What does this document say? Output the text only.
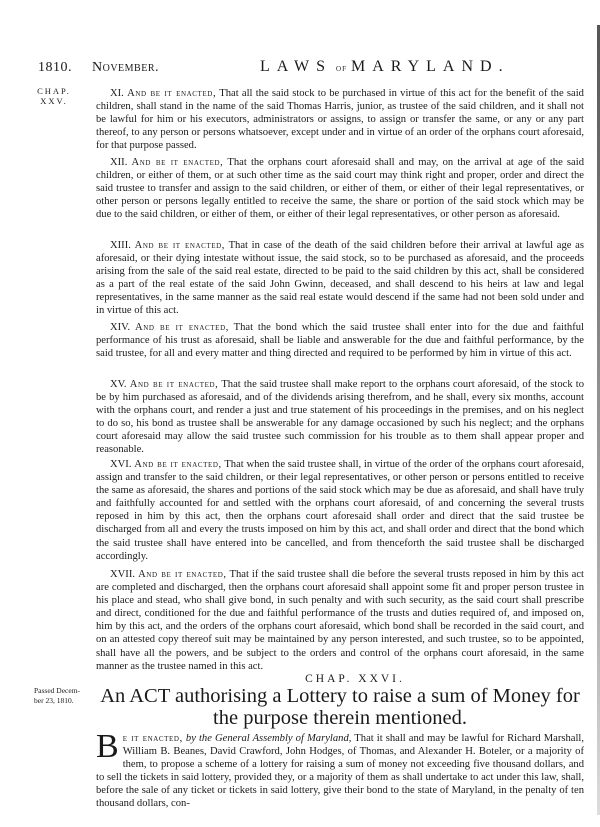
1810. November.	LAWS of MARYLAND.
CHAP.
XXV.

XI. And be it enacted, That all the said stock to be purchased in virtue of this act for the benefit of the said children, shall stand in the name of the said Thomas Harris, junior, as trustee of the said children, and it shall not be lawful for him or his executors, administrators or assigns, to assign or transfer the same, or any or any part thereof, to any person or persons whatsoever, except under and in virtue of an order of the orphans court aforesaid, for that purpose passed.

XII. And be it enacted, That the orphans court aforesaid shall and may, on the arrival at age of the said children, or either of them, or at such other time as the said court may think right and proper, order and direct the said trustee to transfer and assign to the said children, or either of them, or either of their legal representatives, or other person or persons legally entitled to receive the same, the share or portion of the said stock which may be due to the said children, or either of them, or either of their legal representatives, or other person as aforesaid.

XIII. And be it enacted, That in case of the death of the said children before their arrival at lawful age as aforesaid, or their dying intestate without issue, the said stock, so to be purchased as aforesaid, and the proceeds arising from the sale of the said real estate, directed to be paid to the said children by this act, shall be considered as a part of the real estate of the said John Gwinn, deceased, and shall descend to his heirs at law and legal representatives, in the same manner as the said real estate would descend if the same had not been sold under and in virtue of this act.

XIV. And be it enacted, That the bond which the said trustee shall enter into for the due and faithful performance of his trust as aforesaid, shall be liable and answerable for the due and faithful performance, by the said trustee, for all and every matter and thing directed and required to be performed by him in virtue of this act.

XV. And be it enacted, That the said trustee shall make report to the orphans court aforesaid, of the stock to be by him purchased as aforesaid, and of the dividends arising therefrom, and he shall, every six months, account with the orphans court, and render a just and true statement of his proceedings in the premises, and on his neglect to do so, his bond as trustee shall be answerable for any damage occasioned by such his neglect; and the orphans court aforesaid may allow the said trustee such commission for his trouble as to them shall appear proper and reasonable.

XVI. And be it enacted, That when the said trustee shall, in virtue of the order of the orphans court aforesaid, assign and transfer to the said children, or their legal representatives, or other person or persons entitled to receive the same as aforesaid, the shares and portions of the said stock which may be due as aforesaid, and shall have truly and faithfully accounted for and settled with the orphans court aforesaid, of and concerning the several trusts reposed in him by this act, then the orphans court aforesaid shall order and direct that the said trustee be discharged from all and every the trusts imposed on him by this act, and shall order and direct that the bond which the said trustee shall have entered into be cancelled, and from thenceforth the said trustee shall be discharged accordingly.

XVII. And be it enacted, That if the said trustee shall die before the several trusts reposed in him by this act are completed and discharged, then the orphans court aforesaid shall appoint some fit and proper person trustee in his place and stead, who shall give bond, in such penalty and with such security, as the said court shall prescribe and direct, conditioned for the due and faithful performance of the trusts and duties required of, and imposed on, him by this act, and the orders of the orphans court aforesaid, which bond shall be recorded in the said court, and on an attested copy thereof suit may be maintained by any person interested, and such trustee, so to be appointed, shall have all the powers, and be subject to the orders and control of the orphans court aforesaid, in the same manner as the trustee named in this act.

CHAP. XXVI.
Passed Decem-
ber 23, 1810.	An ACT authorising a Lottery to raise a sum of Money for the purpose therein mentioned.

Be it enacted, by the General Assembly of Maryland, That it shall and may be lawful for Richard Marshall, William B. Beanes, David Crawford, John Hodges, of Thomas, and Alexander H. Boteler, or a majority of them, to propose a scheme of a lottery for raising a sum of money not exceeding five thousand dollars, and to sell the tickets in said lottery, provided they, or a majority of them as shall undertake to act under this law, shall, before the sale of any ticket or tickets in said lottery, give their bond to the state of Maryland, in the penalty of ten thousand dollars, con-
